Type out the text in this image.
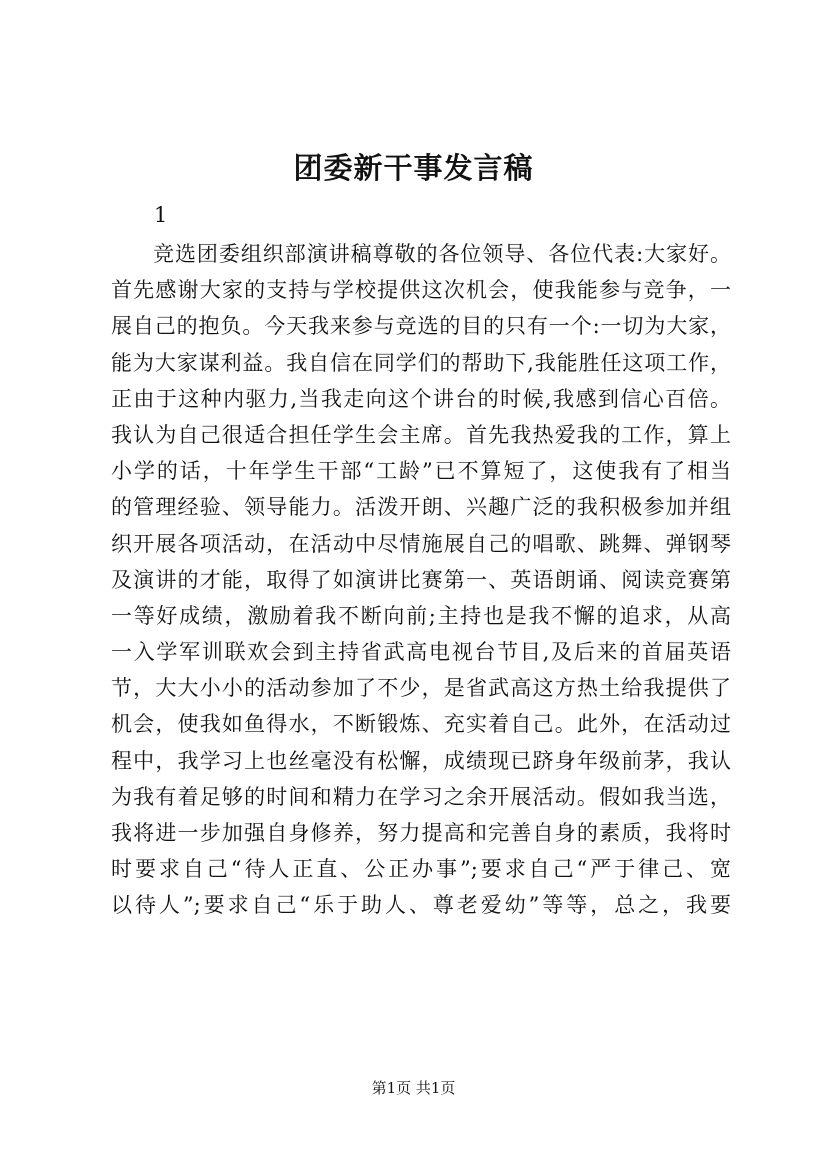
团委新干事发言稿
1
竞选团委组织部演讲稿尊敬的各位领导、各位代表:大家好。
首先感谢大家的支持与学校提供这次机会，使我能参与竞争，一
展自己的抱负。今天我来参与竞选的目的只有一个:一切为大家，
能为大家谋利益。我自信在同学们的帮助下,我能胜任这项工作，
正由于这种内驱力,当我走向这个讲台的时候,我感到信心百倍。
我认为自己很适合担任学生会主席。首先我热爱我的工作，算上
小学的话，十年学生干部“工龄”已不算短了，这使我有了相当
的管理经验、领导能力。活泼开朗、兴趣广泛的我积极参加并组
织开展各项活动，在活动中尽情施展自己的唱歌、跳舞、弹钢琴
及演讲的才能，取得了如演讲比赛第一、英语朗诵、阅读竞赛第
一等好成绩，激励着我不断向前;主持也是我不懈的追求，从高
一入学军训联欢会到主持省武高电视台节目,及后来的首届英语
节，大大小小的活动参加了不少，是省武高这方热土给我提供了
机会，使我如鱼得水，不断锻炼、充实着自己。此外，在活动过
程中，我学习上也丝毫没有松懈，成绩现已跻身年级前茅，我认
为我有着足够的时间和精力在学习之余开展活动。假如我当选，
我将进一步加强自身修养，努力提高和完善自身的素质，我将时
时要求自己“待人正直、公正办事”;要求自己“严于律己、宽
以待人”;要求自己“乐于助人、尊老爱幼”等等，总之，我要
第1页 共1页
